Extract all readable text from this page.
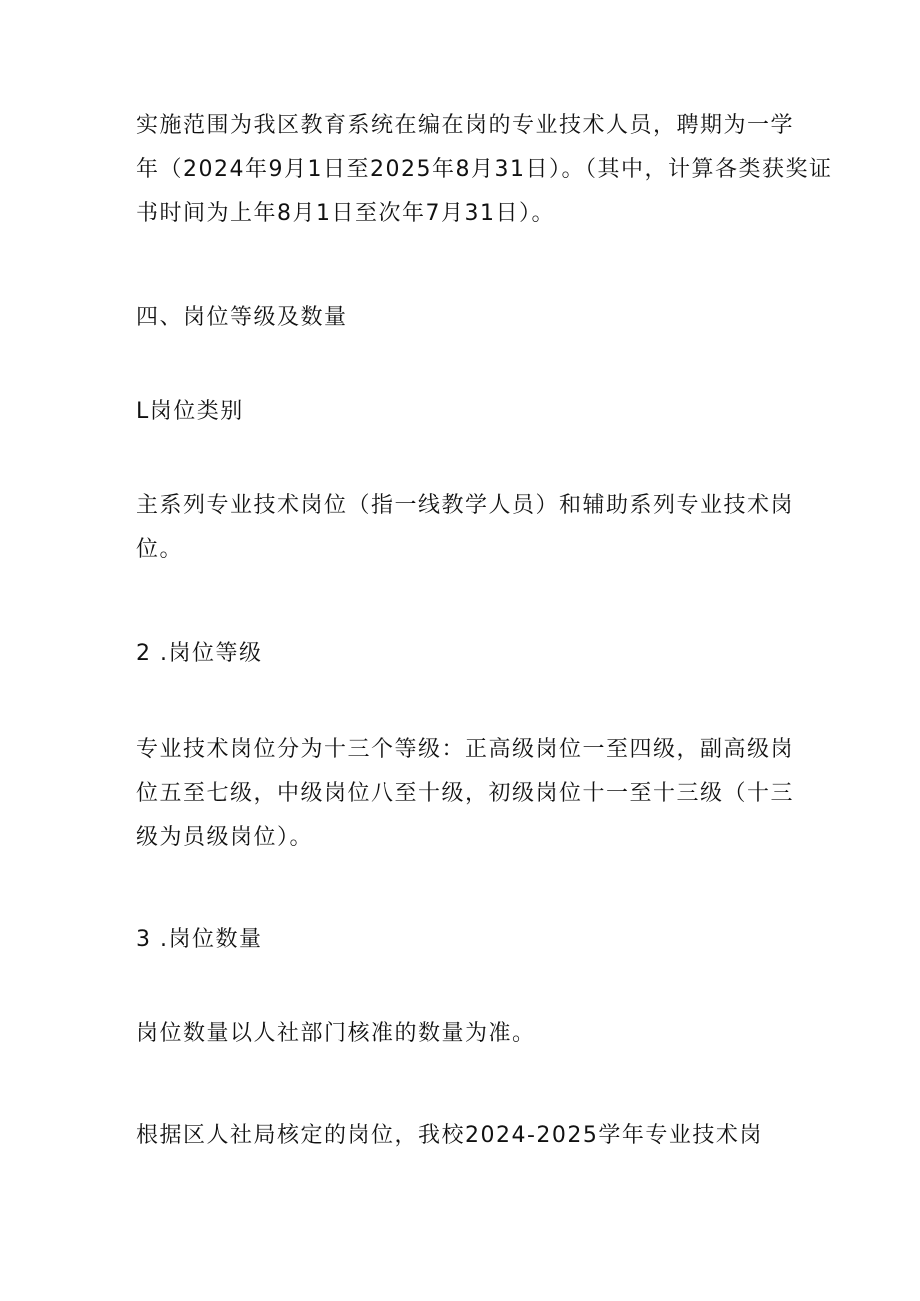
实施范围为我区教育系统在编在岗的专业技术人员，聘期为一学
年（2024年9月1日至2025年8月31日）。（其中，计算各类获奖证
书时间为上年8月1日至次年7月31日）。
四、岗位等级及数量
L岗位类别
主系列专业技术岗位（指一线教学人员）和辅助系列专业技术岗
位。
2 .岗位等级
专业技术岗位分为十三个等级：正高级岗位一至四级，副高级岗
位五至七级，中级岗位八至十级，初级岗位十一至十三级（十三
级为员级岗位）。
3 .岗位数量
岗位数量以人社部门核准的数量为准。
根据区人社局核定的岗位，我校2024-2025学年专业技术岗
